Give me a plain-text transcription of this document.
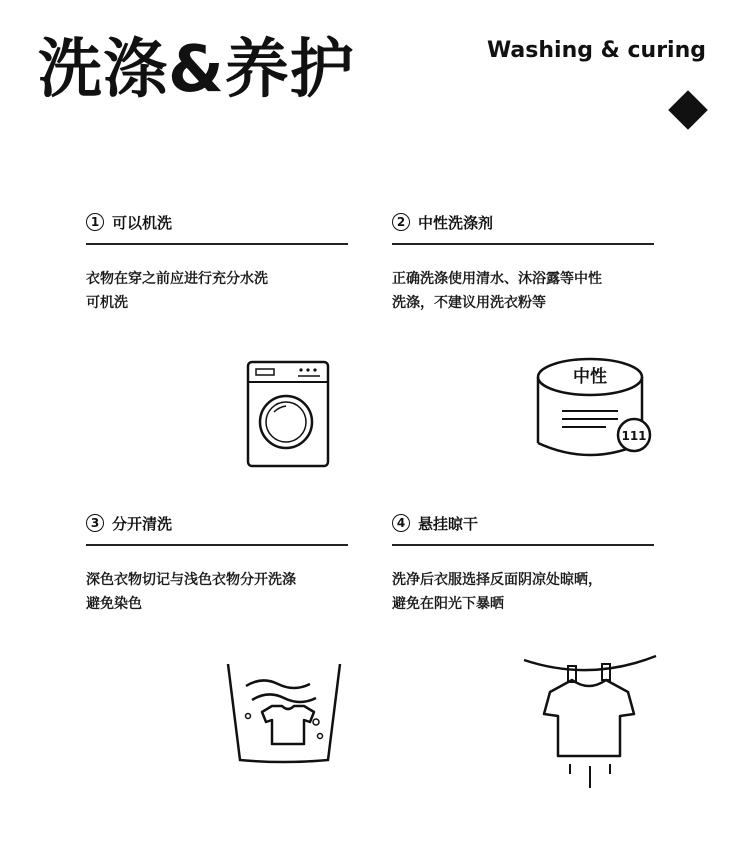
洗涤&养护	Washing & curing
1 可以机洗
衣物在穿之前应进行充分水洗
可机洗
2 中性洗涤剂
正确洗涤使用清水、沐浴露等中性
洗涤，不建议用洗衣粉等
3 分开清洗
深色衣物切记与浅色衣物分开洗涤
避免染色
4 悬挂晾干
洗净后衣服选择反面阴凉处晾晒，
避免在阳光下暴晒
中性
111
